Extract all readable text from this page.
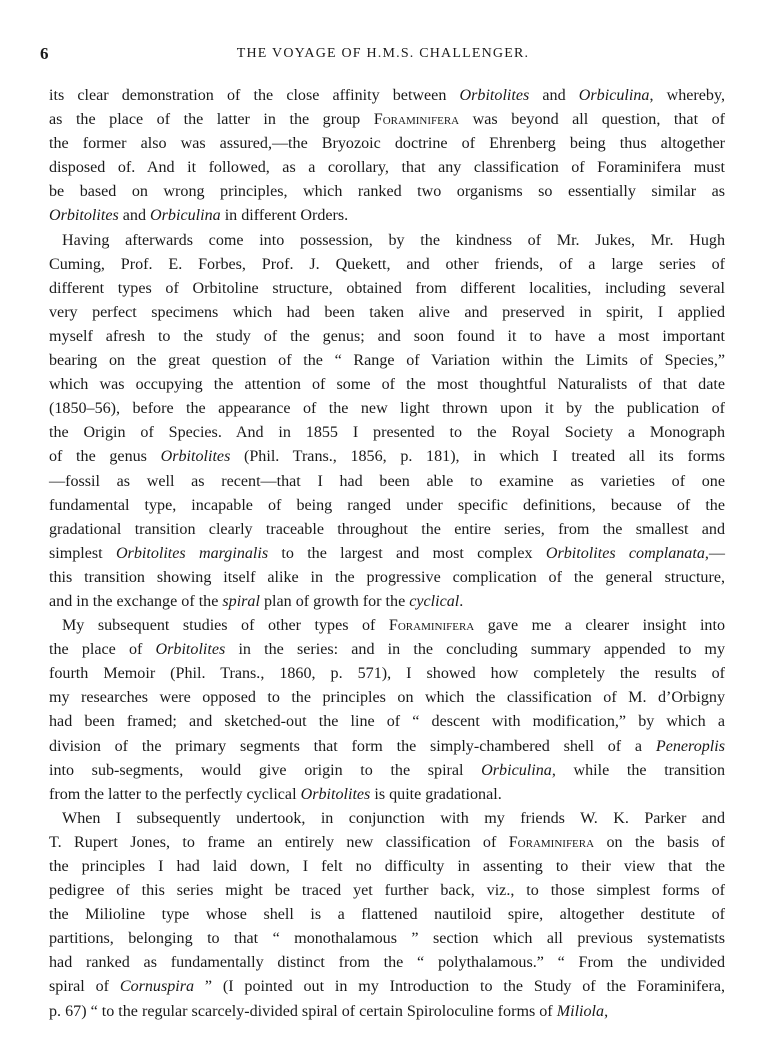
6	THE VOYAGE OF H.M.S. CHALLENGER.
its clear demonstration of the close affinity between Orbitolites and Orbiculina, whereby,
as the place of the latter in the group Foraminifera was beyond all question, that of
the former also was assured,—the Bryozoic doctrine of Ehrenberg being thus altogether
disposed of. And it followed, as a corollary, that any classification of Foraminifera must
be based on wrong principles, which ranked two organisms so essentially similar as
Orbitolites and Orbiculina in different Orders.
Having afterwards come into possession, by the kindness of Mr. Jukes, Mr. Hugh
Cuming, Prof. E. Forbes, Prof. J. Quekett, and other friends, of a large series of
different types of Orbitoline structure, obtained from different localities, including several
very perfect specimens which had been taken alive and preserved in spirit, I applied
myself afresh to the study of the genus; and soon found it to have a most important
bearing on the great question of the “ Range of Variation within the Limits of Species,”
which was occupying the attention of some of the most thoughtful Naturalists of that date
(1850–56), before the appearance of the new light thrown upon it by the publication of
the Origin of Species. And in 1855 I presented to the Royal Society a Monograph
of the genus Orbitolites (Phil. Trans., 1856, p. 181), in which I treated all its forms
—fossil as well as recent—that I had been able to examine as varieties of one
fundamental type, incapable of being ranged under specific definitions, because of the
gradational transition clearly traceable throughout the entire series, from the smallest and
simplest Orbitolites marginalis to the largest and most complex Orbitolites complanata,—
this transition showing itself alike in the progressive complication of the general structure,
and in the exchange of the spiral plan of growth for the cyclical.
My subsequent studies of other types of Foraminifera gave me a clearer insight into
the place of Orbitolites in the series: and in the concluding summary appended to my
fourth Memoir (Phil. Trans., 1860, p. 571), I showed how completely the results of
my researches were opposed to the principles on which the classification of M. d’Orbigny
had been framed; and sketched-out the line of “ descent with modification,” by which a
division of the primary segments that form the simply-chambered shell of a Peneroplis
into sub-segments, would give origin to the spiral Orbiculina, while the transition
from the latter to the perfectly cyclical Orbitolites is quite gradational.
When I subsequently undertook, in conjunction with my friends W. K. Parker and
T. Rupert Jones, to frame an entirely new classification of Foraminifera on the basis of
the principles I had laid down, I felt no difficulty in assenting to their view that the
pedigree of this series might be traced yet further back, viz., to those simplest forms of
the Milioline type whose shell is a flattened nautiloid spire, altogether destitute of
partitions, belonging to that “ monothalamous ” section which all previous systematists
had ranked as fundamentally distinct from the “ polythalamous.” “ From the undivided
spiral of Cornuspira ” (I pointed out in my Introduction to the Study of the Foraminifera,
p. 67) “ to the regular scarcely-divided spiral of certain Spiroloculine forms of Miliola,
